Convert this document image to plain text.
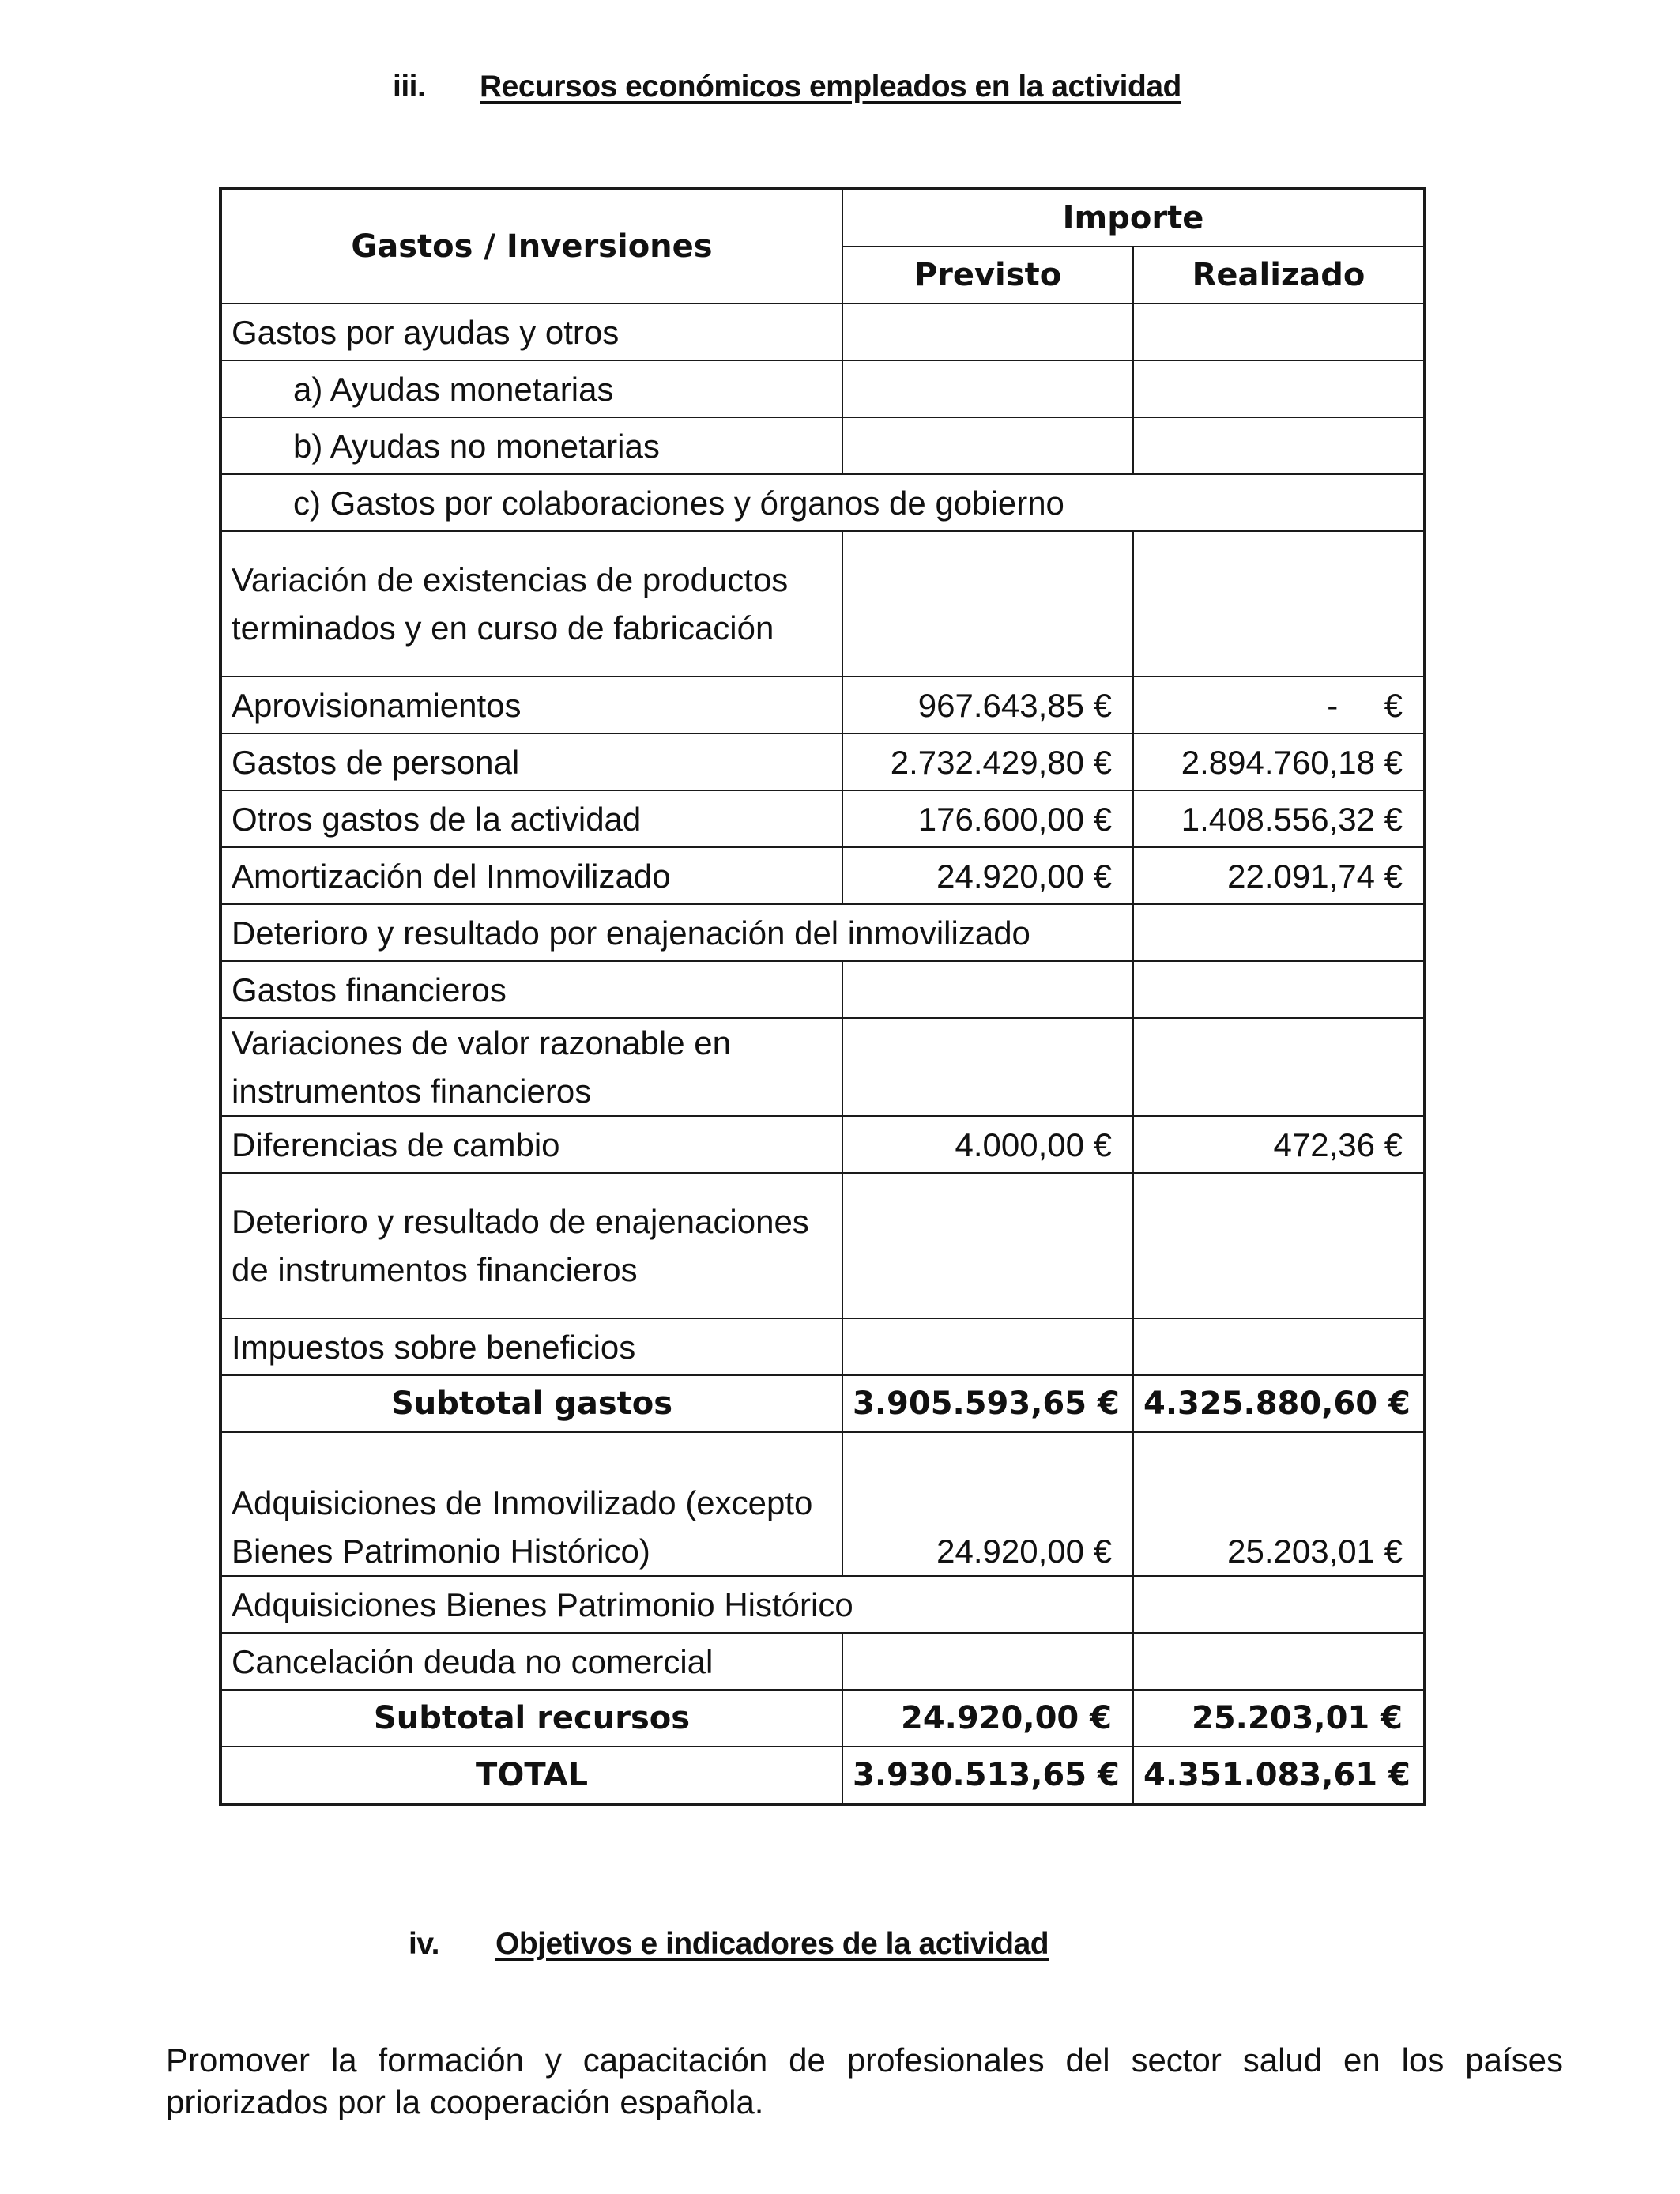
iii. Recursos económicos empleados en la actividad
Gastos / Inversiones	Importe	
	Previsto	Realizado
Gastos por ayudas y otros		
a) Ayudas monetarias		
b) Ayudas no monetarias		
c) Gastos por colaboraciones y órganos de gobierno		
Variación de existencias de productos terminados y en curso de fabricación		
Aprovisionamientos	967.643,85 €	-     €
Gastos de personal	2.732.429,80 €	2.894.760,18 €
Otros gastos de la actividad	176.600,00 €	1.408.556,32 €
Amortización del Inmovilizado	24.920,00 €	22.091,74 €
Deterioro y resultado por enajenación del inmovilizado		
Gastos financieros		
Variaciones de valor razonable en instrumentos financieros		
Diferencias de cambio	4.000,00 €	472,36 €
Deterioro y resultado de enajenaciones de instrumentos financieros		
Impuestos sobre beneficios		
Subtotal gastos	3.905.593,65 €	4.325.880,60 €
Adquisiciones de Inmovilizado (excepto Bienes Patrimonio Histórico)	24.920,00 €	25.203,01 €
Adquisiciones Bienes Patrimonio Histórico		
Cancelación deuda no comercial		
Subtotal recursos	24.920,00 €	25.203,01 €
TOTAL	3.930.513,65 €	4.351.083,61 €
iv. Objetivos e indicadores de la actividad
Promover la formación y capacitación de profesionales del sector salud en los países priorizados por la cooperación española.
